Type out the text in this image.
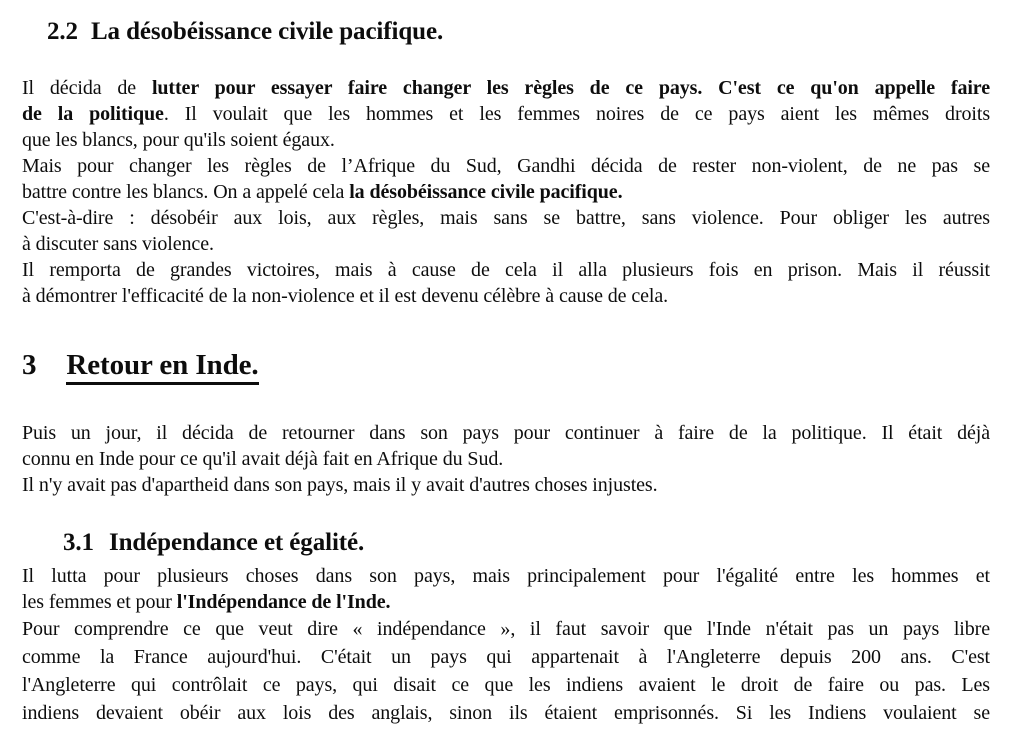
2.2 La désobéissance civile pacifique.
Il décida de lutter pour essayer faire changer les règles de ce pays. C'est ce qu'on appelle faire
de la politique. Il voulait que les hommes et les femmes noires de ce pays aient les mêmes droits
que les blancs, pour qu'ils soient égaux.
Mais pour changer les règles de l’Afrique du Sud, Gandhi décida de rester non-violent, de ne pas se
battre contre les blancs. On a appelé cela la désobéissance civile pacifique.
C'est-à-dire : désobéir aux lois, aux règles, mais sans se battre, sans violence. Pour obliger les autres
à discuter sans violence.
Il remporta de grandes victoires, mais à cause de cela il alla plusieurs fois en prison. Mais il réussit
à démontrer l'efficacité de la non-violence et il est devenu célèbre à cause de cela.
3 Retour en Inde.
Puis un jour, il décida de retourner dans son pays pour continuer à faire de la politique. Il était déjà
connu en Inde pour ce qu'il avait déjà fait en Afrique du Sud.
Il n'y avait pas d'apartheid dans son pays, mais il y avait d'autres choses injustes.
3.1 Indépendance et égalité.
Il lutta pour plusieurs choses dans son pays, mais principalement pour l'égalité entre les hommes et
les femmes et pour l'Indépendance de l'Inde.
Pour comprendre ce que veut dire « indépendance », il faut savoir que l'Inde n'était pas un pays libre
comme la France aujourd'hui. C'était un pays qui appartenait à l'Angleterre depuis 200 ans. C'est
l'Angleterre qui contrôlait ce pays, qui disait ce que les indiens avaient le droit de faire ou pas. Les
indiens devaient obéir aux lois des anglais, sinon ils étaient emprisonnés. Si les Indiens voulaient se
